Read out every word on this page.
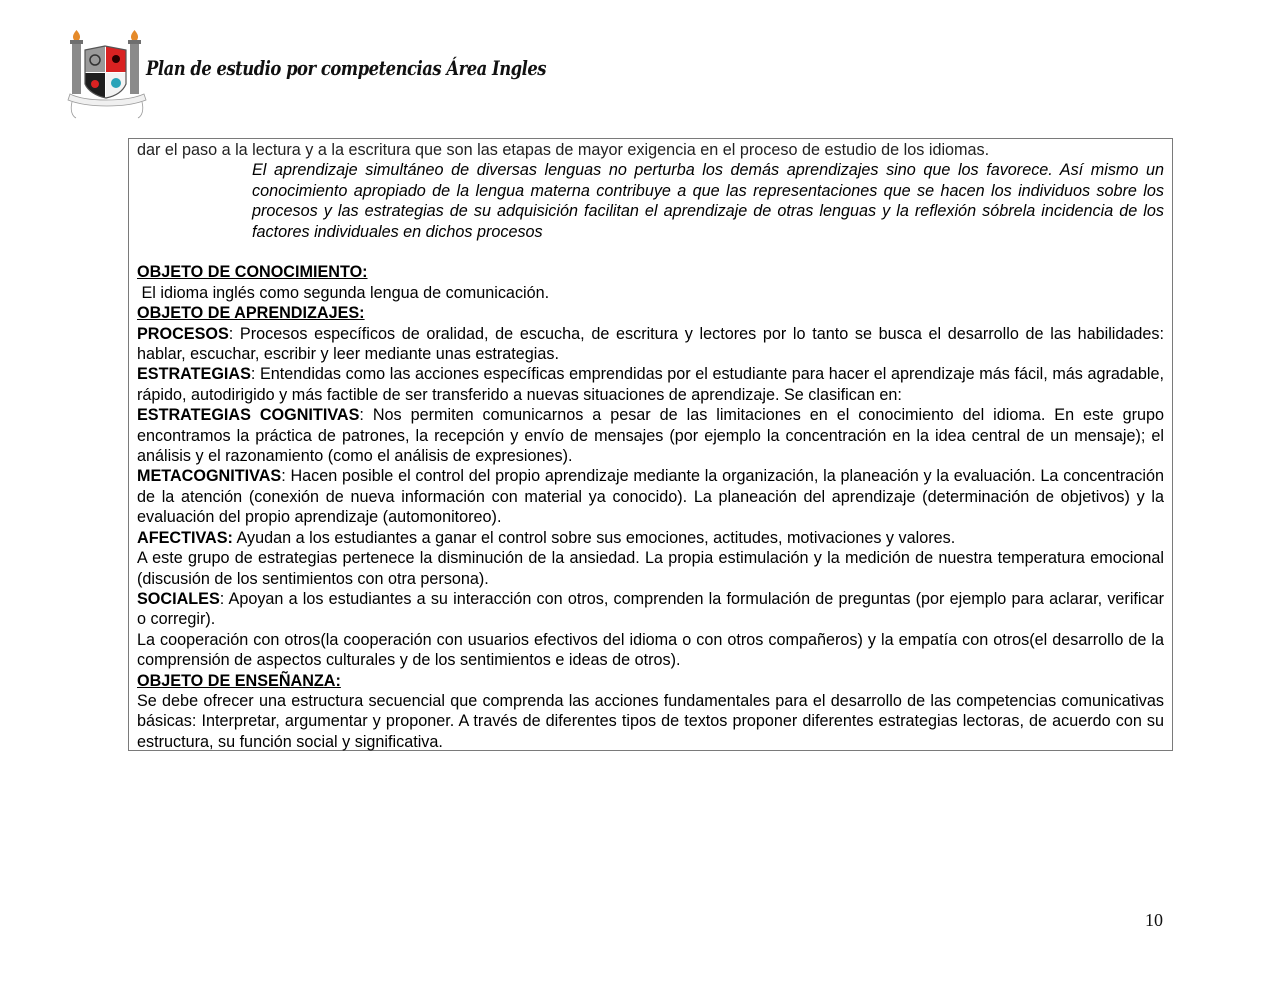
Plan de estudio por competencias Área Ingles
dar el paso a la lectura y a la escritura que son las etapas de mayor exigencia en el proceso de estudio de los idiomas.
El aprendizaje simultáneo de diversas lenguas no perturba los demás aprendizajes sino que los favorece. Así mismo un conocimiento apropiado de la lengua materna contribuye a que las representaciones que se hacen los individuos sobre los procesos y las estrategias de su adquisición facilitan el aprendizaje de otras lenguas y la reflexión sóbrela incidencia de los factores individuales en dichos procesos
OBJETO DE CONOCIMIENTO:
El idioma inglés como segunda lengua de comunicación.
OBJETO DE APRENDIZAJES:
PROCESOS: Procesos específicos de oralidad, de escucha, de escritura y lectores por lo tanto se busca el desarrollo de las habilidades: hablar, escuchar, escribir y leer mediante unas estrategias.
ESTRATEGIAS: Entendidas como las acciones específicas emprendidas por el estudiante para hacer el aprendizaje más fácil, más agradable, rápido, autodirigido y más factible de ser transferido a nuevas situaciones de aprendizaje. Se clasifican en:
ESTRATEGIAS COGNITIVAS: Nos permiten comunicarnos a pesar de las limitaciones en el conocimiento del idioma. En este grupo encontramos la práctica de patrones, la recepción y envío de mensajes (por ejemplo la concentración en la idea central de un mensaje); el análisis y el razonamiento (como el análisis de expresiones).
METACOGNITIVAS: Hacen posible el control del propio aprendizaje mediante la organización, la planeación y la evaluación. La concentración de la atención (conexión de nueva información con material ya conocido). La planeación del aprendizaje (determinación de objetivos) y la evaluación del propio aprendizaje (automonitoreo).
AFECTIVAS: Ayudan a los estudiantes a ganar el control sobre sus emociones, actitudes, motivaciones y valores.
A este grupo de estrategias pertenece la disminución de la ansiedad. La propia estimulación y la medición de nuestra temperatura emocional (discusión de los sentimientos con otra persona).
SOCIALES: Apoyan a los estudiantes a su interacción con otros, comprenden la formulación de preguntas (por ejemplo para aclarar, verificar o corregir).
La cooperación con otros(la cooperación con usuarios efectivos del idioma o con otros compañeros) y la empatía con otros(el desarrollo de la comprensión de aspectos culturales y de los sentimientos e ideas de otros).
OBJETO DE ENSEÑANZA:
Se debe ofrecer una estructura secuencial que comprenda las acciones fundamentales para el desarrollo de las competencias comunicativas básicas: Interpretar, argumentar y proponer. A través de diferentes tipos de textos proponer diferentes estrategias lectoras, de acuerdo con su estructura, su función social y significativa.
10
